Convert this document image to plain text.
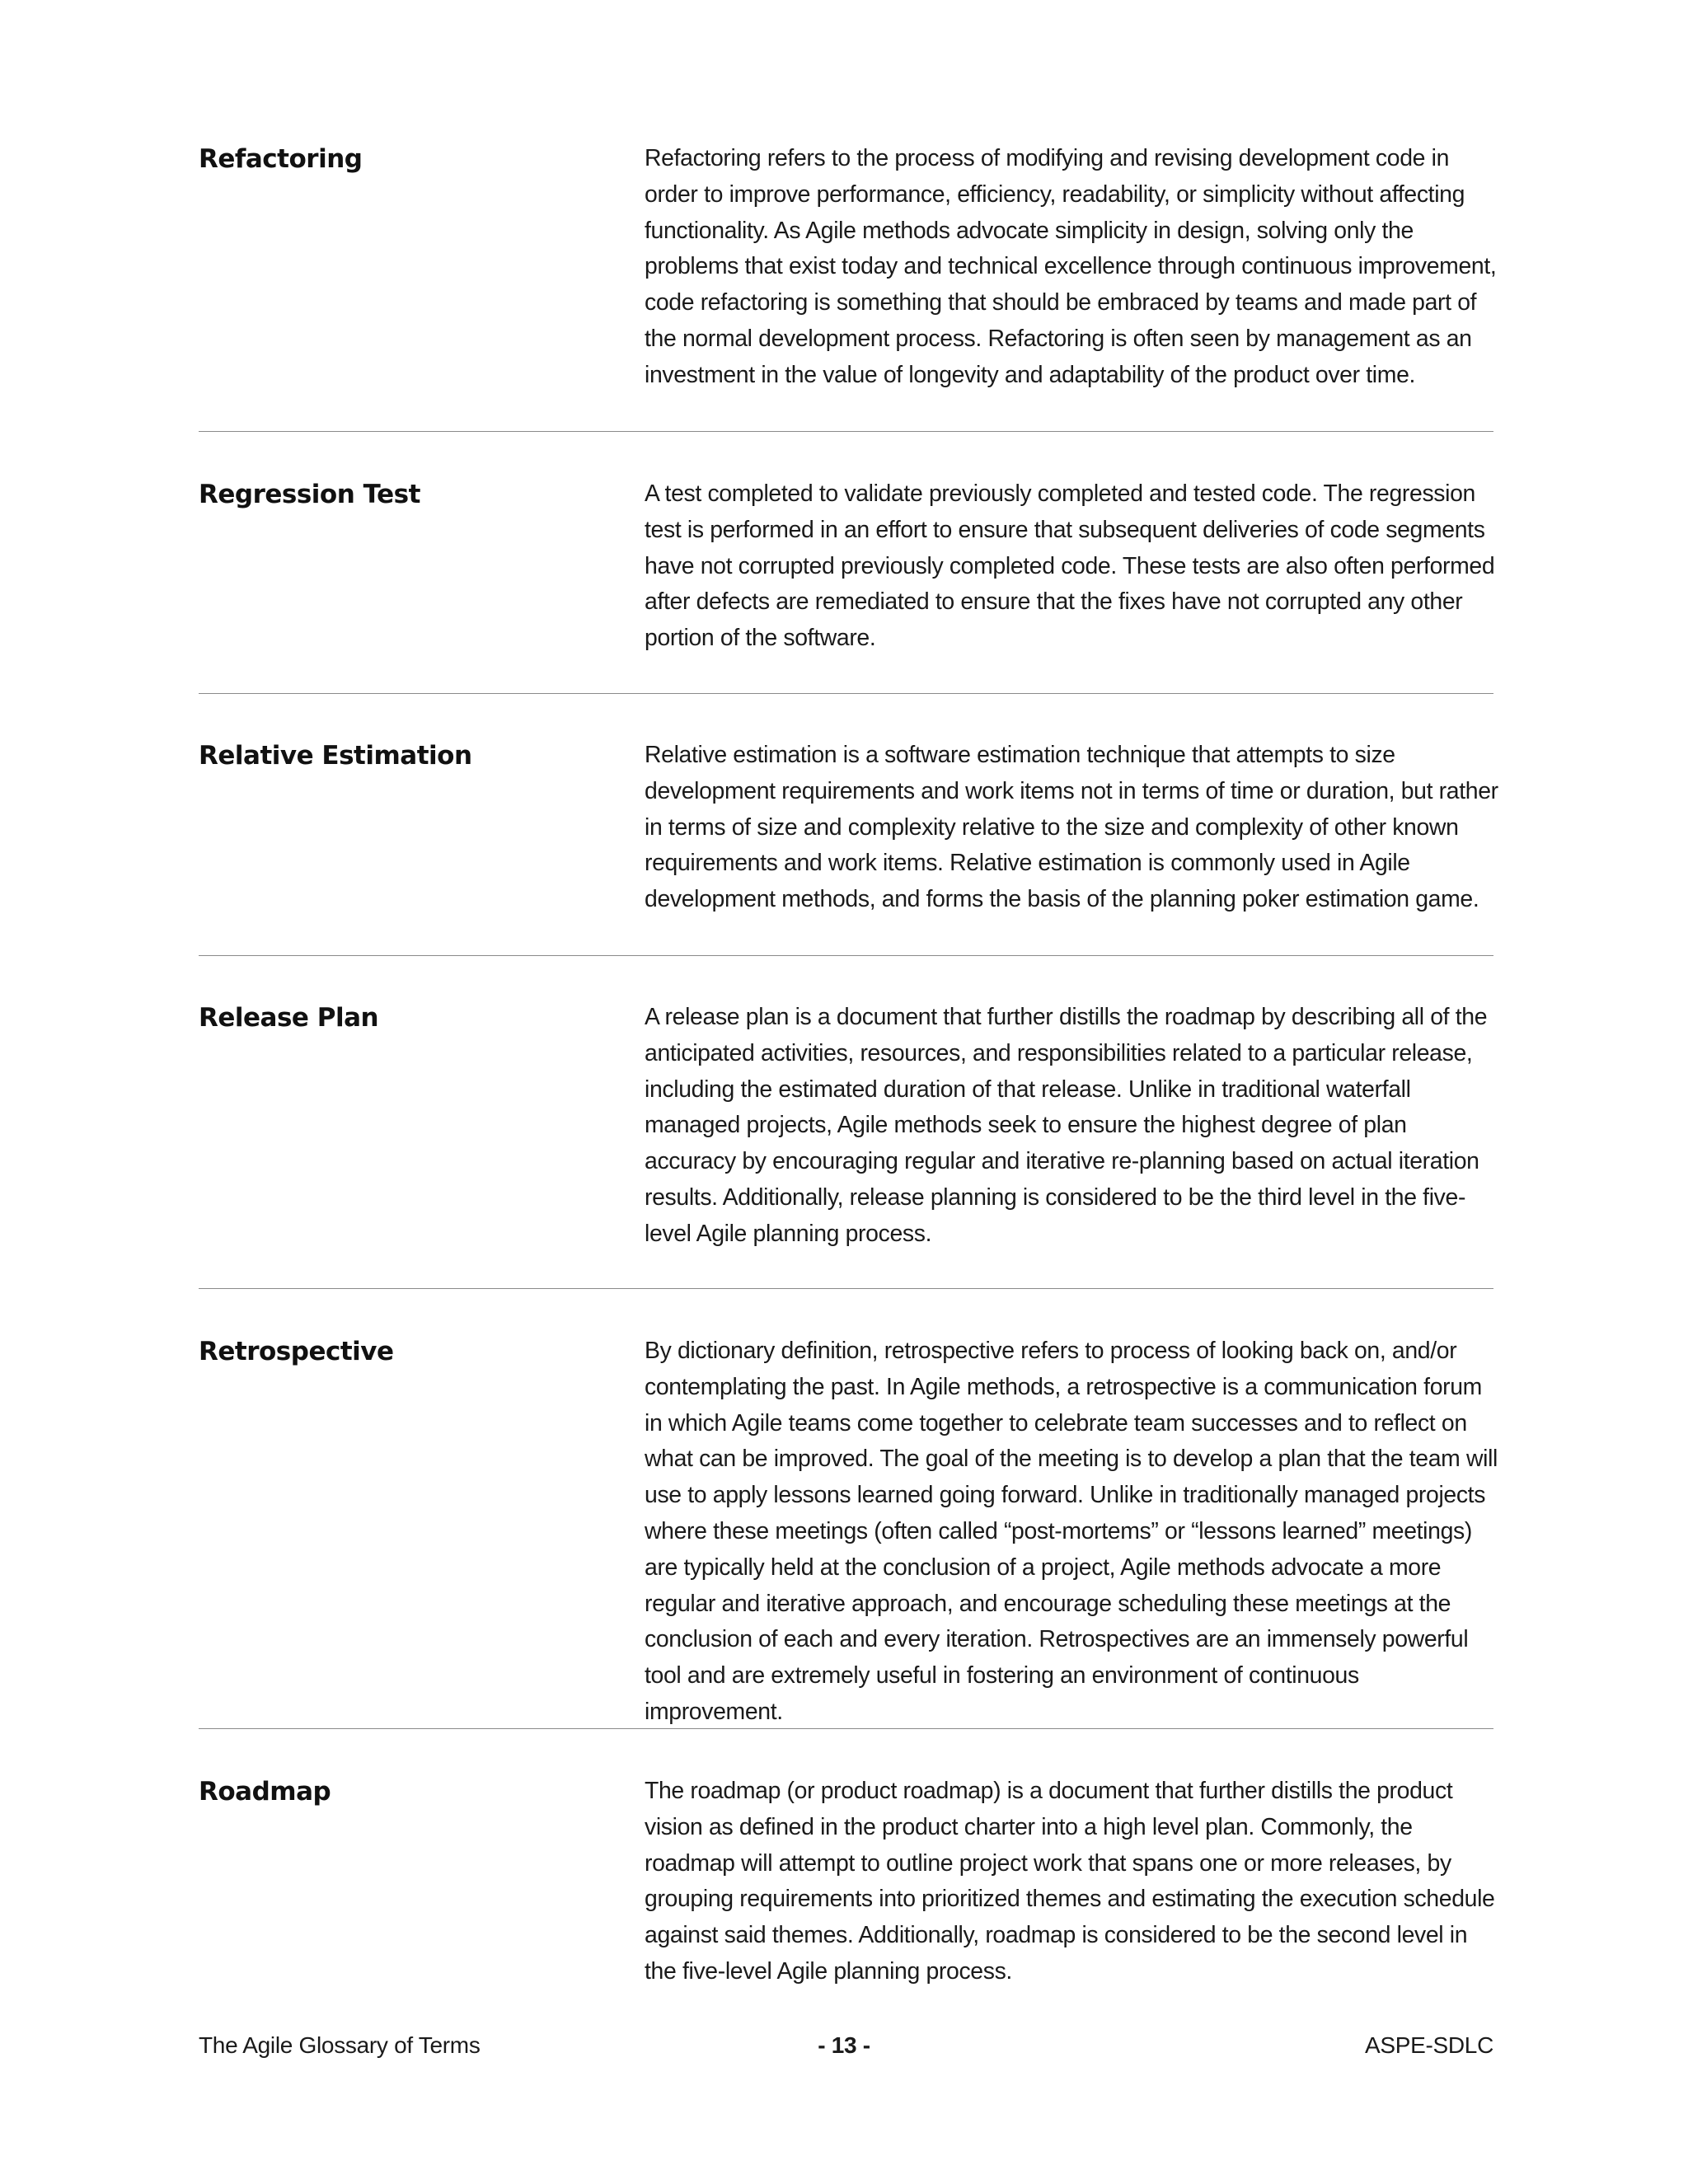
Refactoring	Refactoring refers to the process of modifying and revising development code in order to improve performance, efficiency, readability, or simplicity without affecting functionality. As Agile methods advocate simplicity in design, solving only the problems that exist today and technical excellence through continuous improvement, code refactoring is something that should be embraced by teams and made part of the normal development process. Refactoring is often seen by management as an investment in the value of longevity and adaptability of the product over time.
Regression Test	A test completed to validate previously completed and tested code. The regression test is performed in an effort to ensure that subsequent deliveries of code segments have not corrupted previously completed code. These tests are also often performed after defects are remediated to ensure that the fixes have not corrupted any other portion of the software.
Relative Estimation	Relative estimation is a software estimation technique that attempts to size development requirements and work items not in terms of time or duration, but rather in terms of size and complexity relative to the size and complexity of other known requirements and work items. Relative estimation is commonly used in Agile development methods, and forms the basis of the planning poker estimation game.
Release Plan	A release plan is a document that further distills the roadmap by describing all of the anticipated activities, resources, and responsibilities related to a particular release, including the estimated duration of that release. Unlike in traditional waterfall managed projects, Agile methods seek to ensure the highest degree of plan accuracy by encouraging regular and iterative re-planning based on actual iteration results. Additionally, release planning is considered to be the third level in the five- level Agile planning process.
Retrospective	By dictionary definition, retrospective refers to process of looking back on, and/or contemplating the past. In Agile methods, a retrospective is a communication forum in which Agile teams come together to celebrate team successes and to reflect on what can be improved. The goal of the meeting is to develop a plan that the team will use to apply lessons learned going forward. Unlike in traditionally managed projects where these meetings (often called “post-mortems” or “lessons learned” meetings) are typically held at the conclusion of a project, Agile methods advocate a more regular and iterative approach, and encourage scheduling these meetings at the conclusion of each and every iteration. Retrospectives are an immensely powerful tool and are extremely useful in fostering an environment of continuous improvement.
Roadmap	The roadmap (or product roadmap) is a document that further distills the product vision as defined in the product charter into a high level plan. Commonly, the roadmap will attempt to outline project work that spans one or more releases, by grouping requirements into prioritized themes and estimating the execution schedule against said themes. Additionally, roadmap is considered to be the second level in the five-level Agile planning process.
The Agile Glossary of Terms	- 13 -	ASPE-SDLC
